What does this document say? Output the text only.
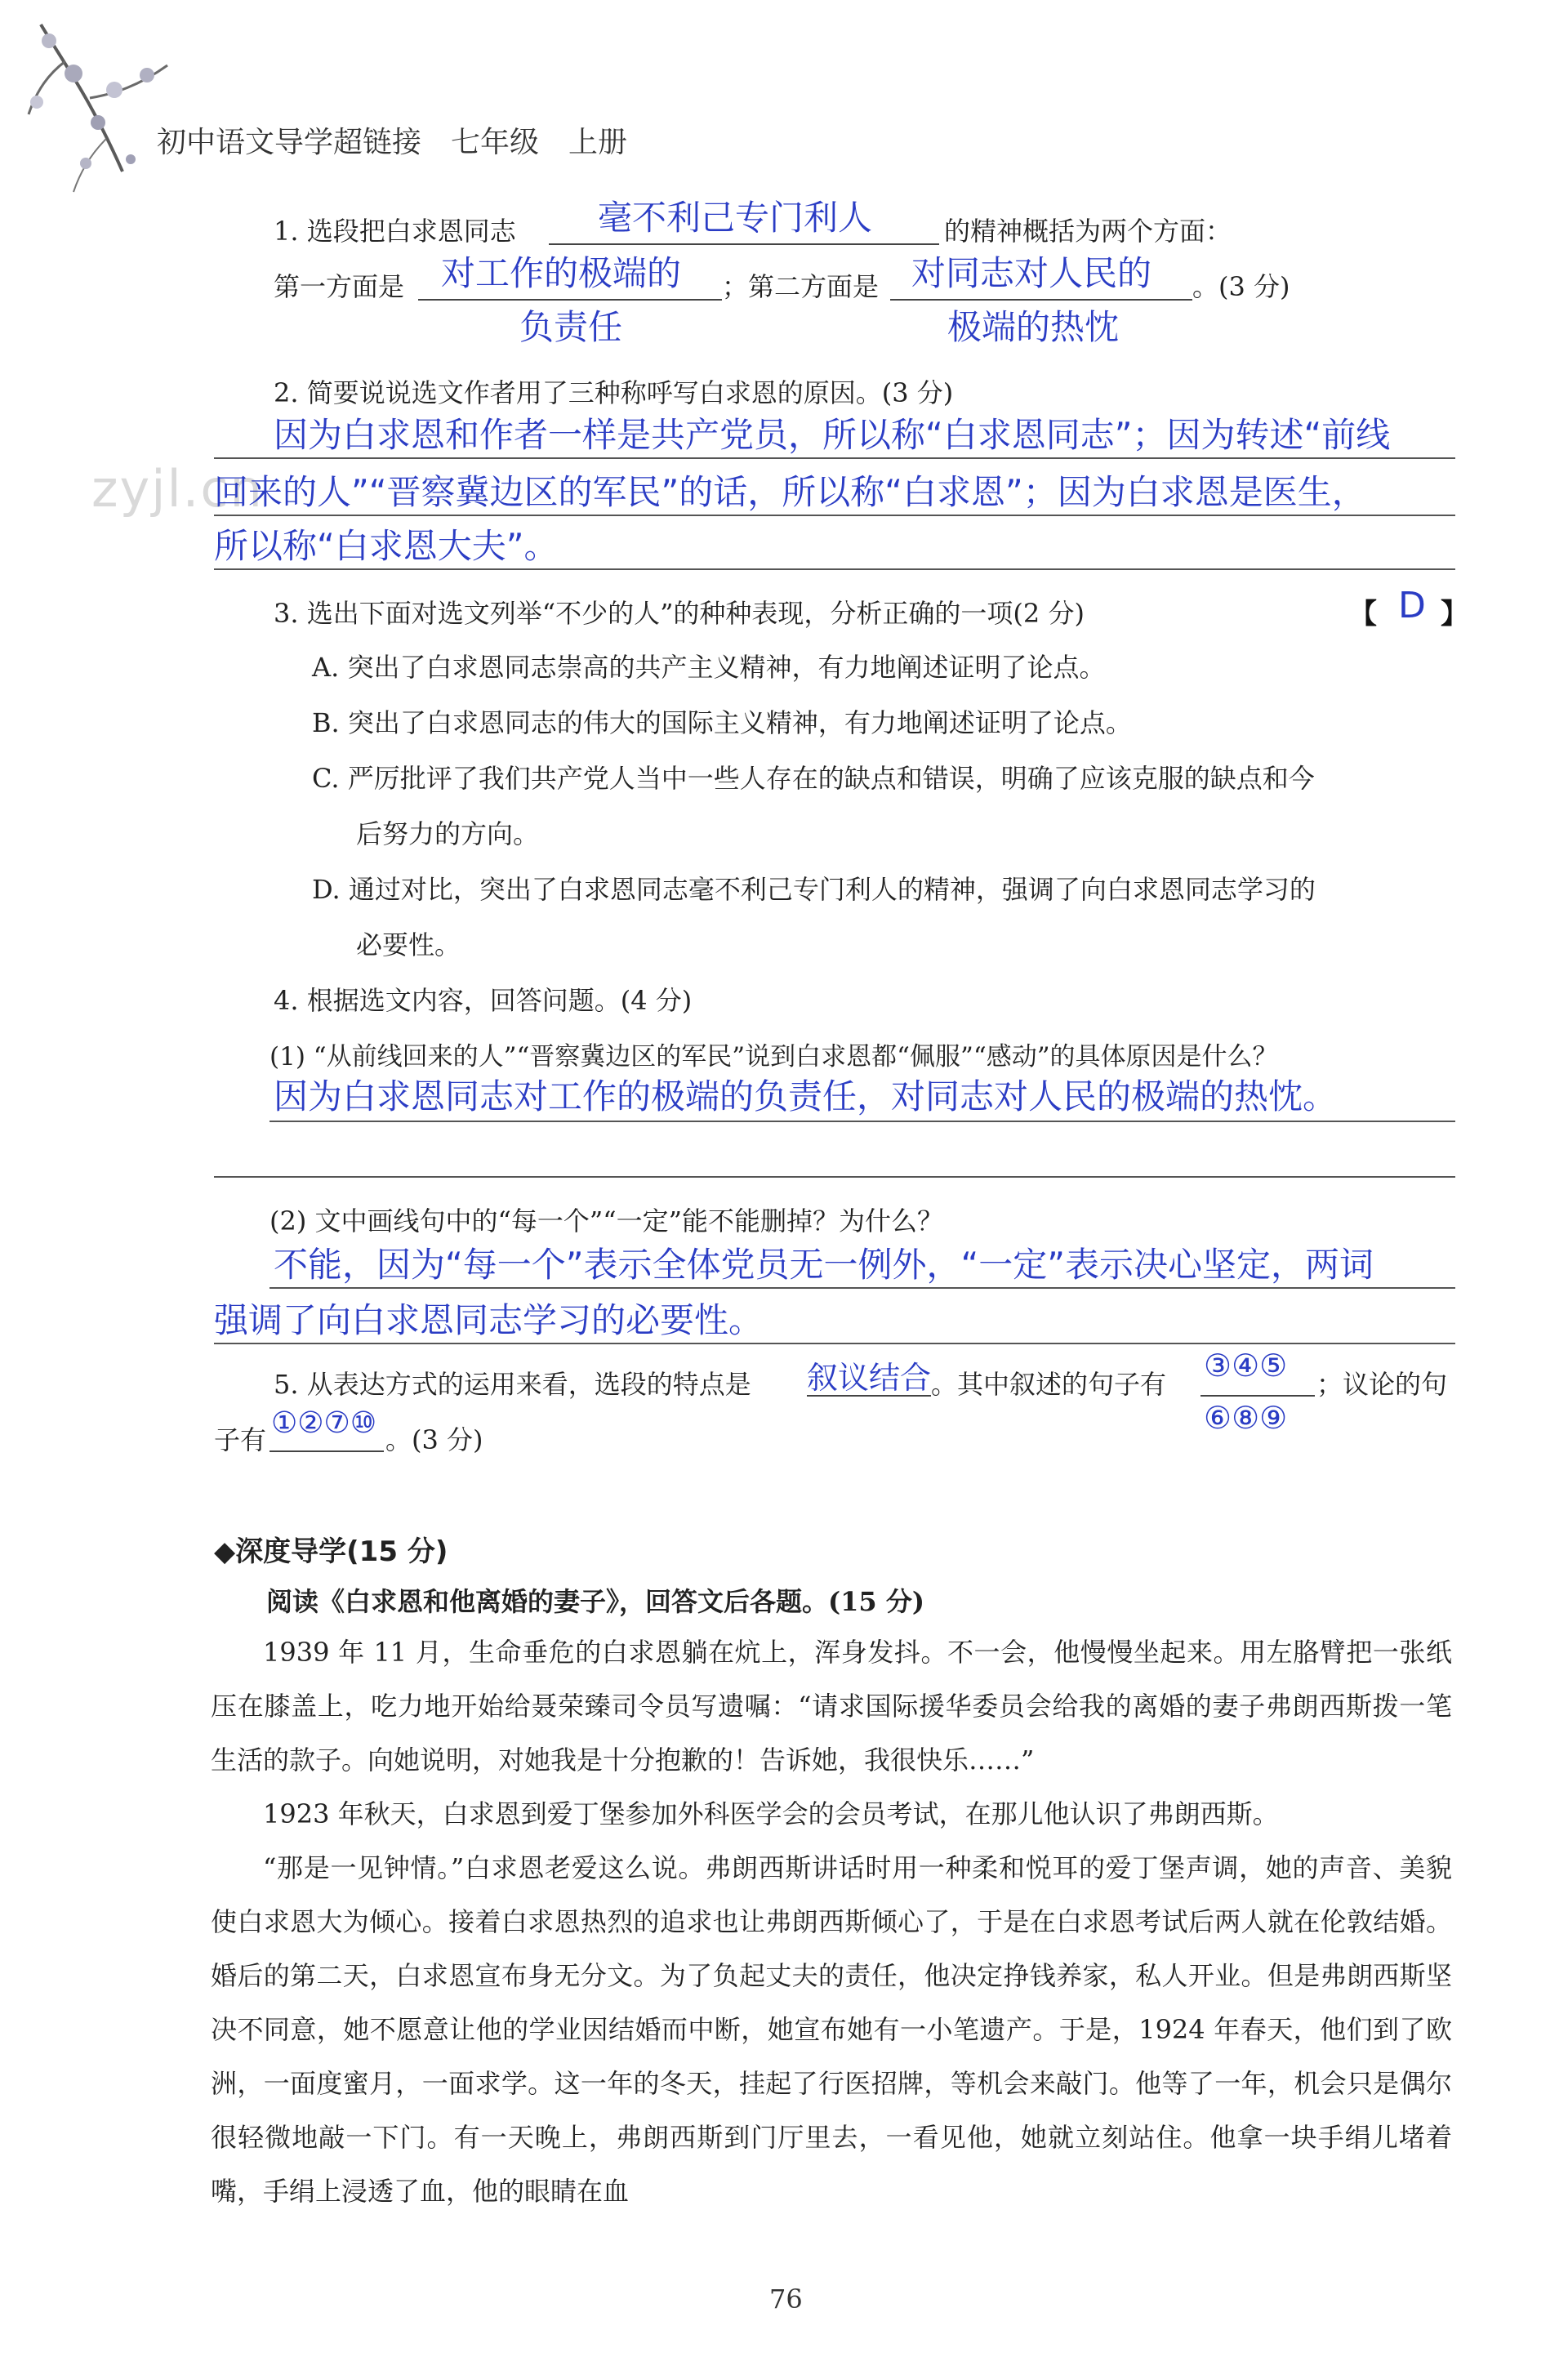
初中语文导学超链接　七年级　上册
zyjl.cn
1. 选段把白求恩同志 毫不利己专门利人	的精神概括为两个方面：
第一方面是 对工作的极端的
负责任
；第二方面是 对同志对人民的
极端的热忱
。(3 分)
2. 简要说说选文作者用了三种称呼写白求恩的原因。(3 分)
因为白求恩和作者一样是共产党员，所以称“白求恩同志”；因为转述“前线
回来的人”“晋察冀边区的军民”的话，所以称“白求恩”；因为白求恩是医生，
所以称“白求恩大夫”。
3. 选出下面对选文列举“不少的人”的种种表现，分析正确的一项(2 分)	【 D 】
A. 突出了白求恩同志崇高的共产主义精神，有力地阐述证明了论点。
B. 突出了白求恩同志的伟大的国际主义精神，有力地阐述证明了论点。
C. 严厉批评了我们共产党人当中一些人存在的缺点和错误，明确了应该克服的缺点和今
后努力的方向。
D. 通过对比，突出了白求恩同志毫不利己专门利人的精神，强调了向白求恩同志学习的
必要性。
4. 根据选文内容，回答问题。(4 分)
(1) “从前线回来的人”“晋察冀边区的军民”说到白求恩都“佩服”“感动”的具体原因是什么？
因为白求恩同志对工作的极端的负责任，对同志对人民的极端的热忱。
(2) 文中画线句中的“每一个”“一定”能不能删掉？为什么？
不能，因为“每一个”表示全体党员无一例外，“一定”表示决心坚定，两词
强调了向白求恩同志学习的必要性。
5. 从表达方式的运用来看，选段的特点是 叙议结合 。其中叙述的句子有
③④⑤
⑥⑧⑨
；议论的句
子有 ①②⑦⑩ 。(3 分)
◆深度导学(15 分)
阅读《白求恩和他离婚的妻子》，回答文后各题。(15 分)

1939 年 11 月，生命垂危的白求恩躺在炕上，浑身发抖。不一会，他慢慢坐起来。用左胳臂把一张纸压在膝盖上，吃力地开始给聂荣臻司令员写遗嘱：“请求国际援华委员会给我的离婚的妻子弗朗西斯拨一笔生活的款子。向她说明，对她我是十分抱歉的！告诉她，我很快乐……”

1923 年秋天，白求恩到爱丁堡参加外科医学会的会员考试，在那儿他认识了弗朗西斯。

“那是一见钟情。”白求恩老爱这么说。弗朗西斯讲话时用一种柔和悦耳的爱丁堡声调，她的声音、美貌使白求恩大为倾心。接着白求恩热烈的追求也让弗朗西斯倾心了，于是在白求恩考试后两人就在伦敦结婚。婚后的第二天，白求恩宣布身无分文。为了负起丈夫的责任，他决定挣钱养家，私人开业。但是弗朗西斯坚决不同意，她不愿意让他的学业因结婚而中断，她宣布她有一小笔遗产。于是，1924 年春天，他们到了欧洲，一面度蜜月，一面求学。这一年的冬天，挂起了行医招牌，等机会来敲门。他等了一年，机会只是偶尔很轻微地敲一下门。有一天晚上，弗朗西斯到门厅里去，一看见他，她就立刻站住。他拿一块手绢儿堵着嘴，手绢上浸透了血，他的眼睛在血

76
